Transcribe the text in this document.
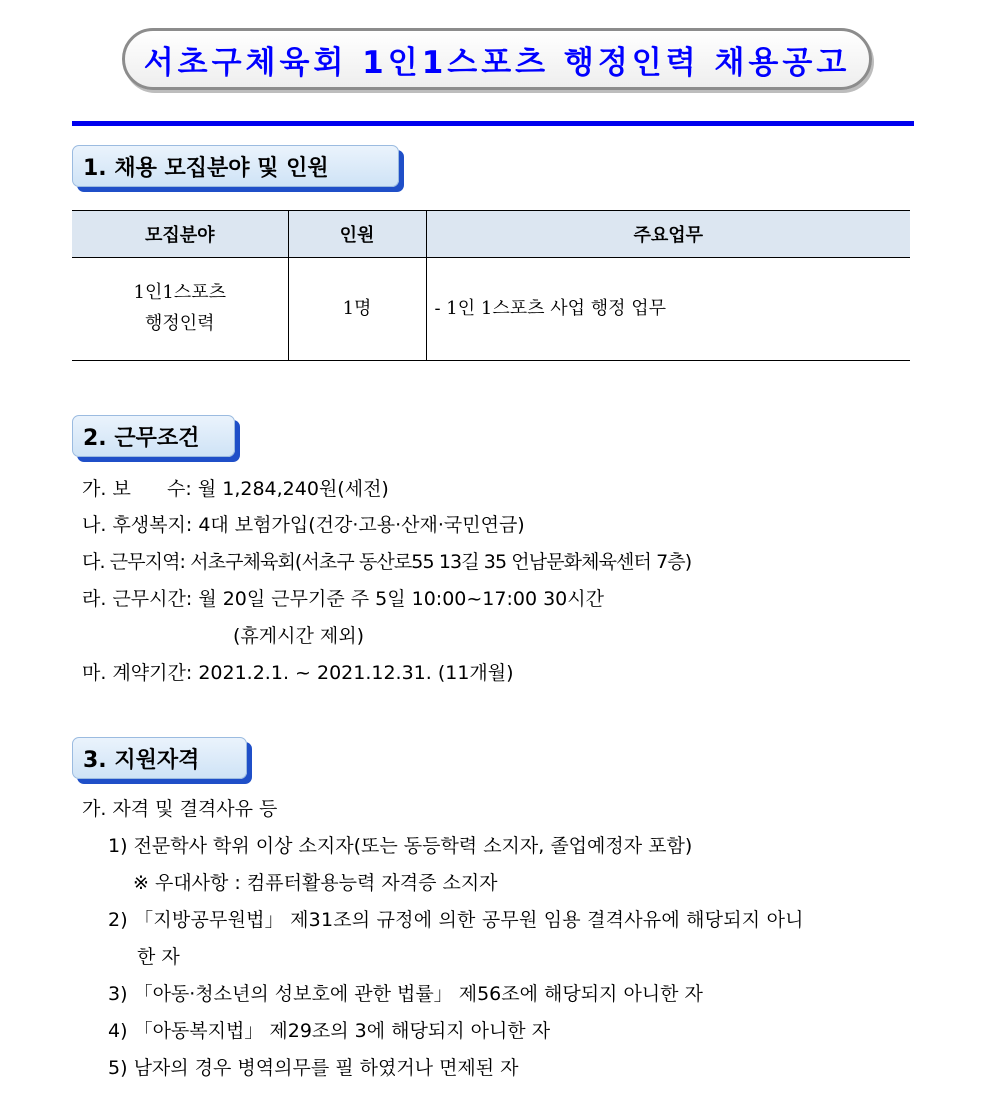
서초구체육회 1인1스포츠 행정인력 채용공고
1. 채용 모집분야 및 인원
모집분야	인원	주요업무

1인1스포츠
행정인력	1명	- 1인 1스포츠 사업 행정 업무
2. 근무조건
가. 보      수: 월 1,284,240원(세전)
나. 후생복지: 4대 보험가입(건강·고용·산재·국민연금)
다. 근무지역: 서초구체육회(서초구 동산로55 13길 35 언남문화체육센터 7층)
라. 근무시간: 월 20일 근무기준 주 5일 10:00~17:00 30시간
(휴게시간 제외)
마. 계약기간: 2021.2.1. ~ 2021.12.31. (11개월)
3. 지원자격
가. 자격 및 결격사유 등
1) 전문학사 학위 이상 소지자(또는 동등학력 소지자, 졸업예정자 포함)
※ 우대사항 : 컴퓨터활용능력 자격증 소지자
2) 「지방공무원법」 제31조의 규정에 의한 공무원 임용 결격사유에 해당되지 아니
한 자
3) 「아동·청소년의 성보호에 관한 법률」 제56조에 해당되지 아니한 자
4) 「아동복지법」 제29조의 3에 해당되지 아니한 자
5) 남자의 경우 병역의무를 필 하였거나 면제된 자
